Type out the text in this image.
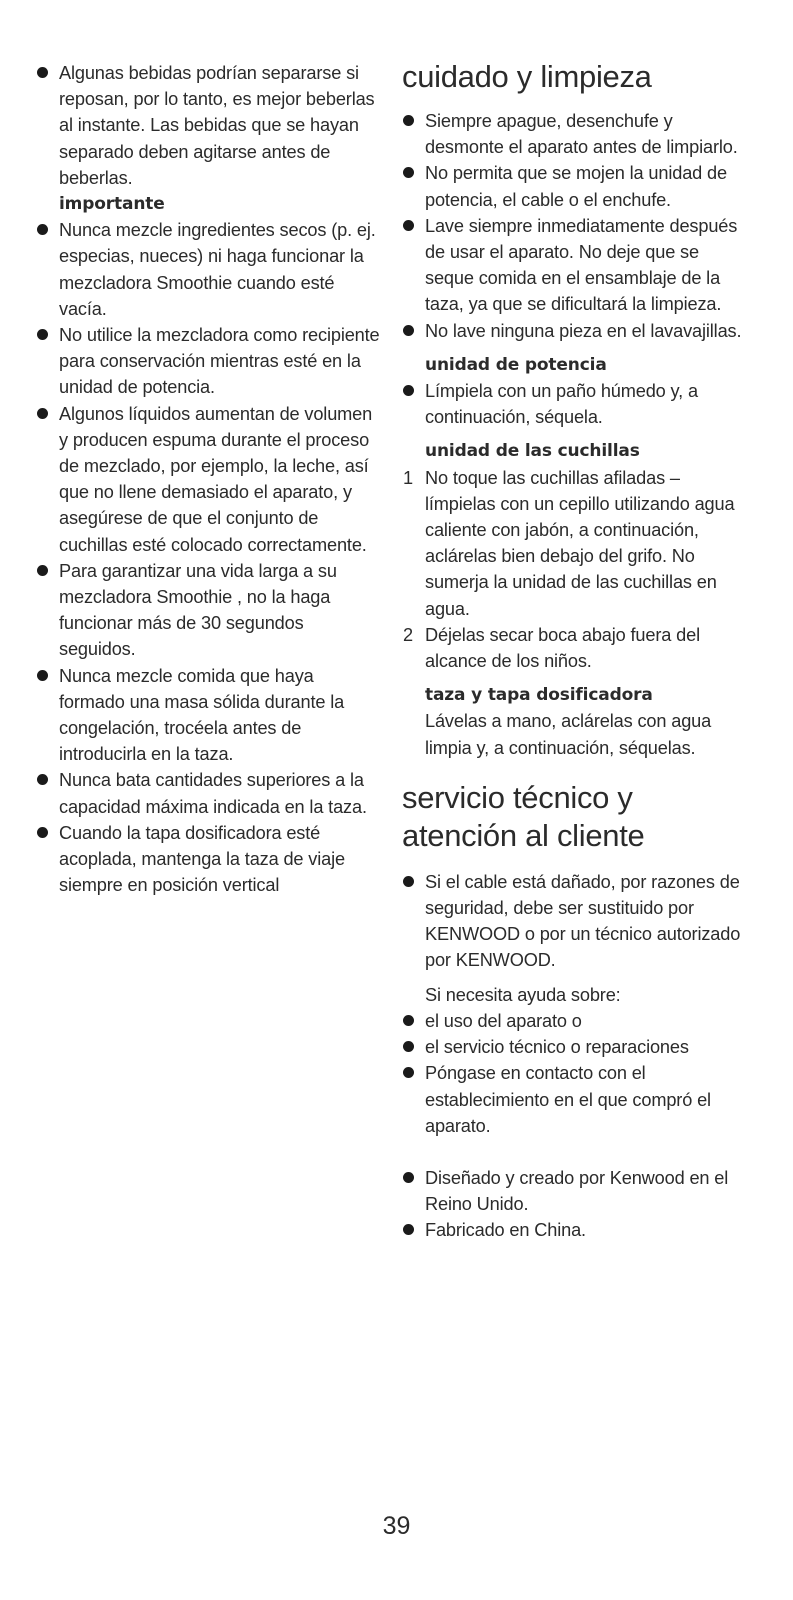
Algunas bebidas podrían separarse si reposan, por lo tanto, es mejor beberlas al instante. Las bebidas que se hayan separado deben agitarse antes de beberlas.
importante
Nunca mezcle ingredientes secos (p. ej. especias, nueces) ni haga funcionar la mezcladora Smoothie cuando esté vacía.
No utilice la mezcladora como recipiente para conservación mientras esté en la unidad de potencia.
Algunos líquidos aumentan de volumen y producen espuma durante el proceso de mezclado, por ejemplo, la leche, así que no llene demasiado el aparato, y asegúrese de que el conjunto de cuchillas esté colocado correctamente.
Para garantizar una vida larga a su mezcladora Smoothie , no la haga funcionar más de 30 segundos seguidos.
Nunca mezcle comida que haya formado una masa sólida durante la congelación, trocéela antes de introducirla en la taza.
Nunca bata cantidades superiores a la capacidad máxima indicada en la taza.
Cuando la tapa dosificadora esté acoplada, mantenga la taza de viaje siempre en posición vertical
cuidado y limpieza
Siempre apague, desenchufe y desmonte el aparato antes de limpiarlo.
No permita que se mojen la unidad de potencia, el cable o el enchufe.
Lave siempre inmediatamente después de usar el aparato. No deje que se seque comida en el ensamblaje de la taza, ya que se dificultará la limpieza.
No lave ninguna pieza en el lavavajillas.
unidad de potencia
Límpiela con un paño húmedo y, a continuación, séquela.
unidad de las cuchillas
1 No toque las cuchillas afiladas – límpielas con un cepillo utilizando agua caliente con jabón, a continuación, aclárelas bien debajo del grifo. No sumerja la unidad de las cuchillas en agua.
2 Déjelas secar boca abajo fuera del alcance de los niños.
taza y tapa dosificadora
Lávelas a mano, aclárelas con agua limpia y, a continuación, séquelas.
servicio técnico y
atención al cliente
Si el cable está dañado, por razones de seguridad, debe ser sustituido por KENWOOD o por un técnico autorizado por KENWOOD.
Si necesita ayuda sobre:
el uso del aparato o
el servicio técnico o reparaciones
Póngase en contacto con el establecimiento en el que compró el aparato.
Diseñado y creado por Kenwood en el Reino Unido.
Fabricado en China.
39
